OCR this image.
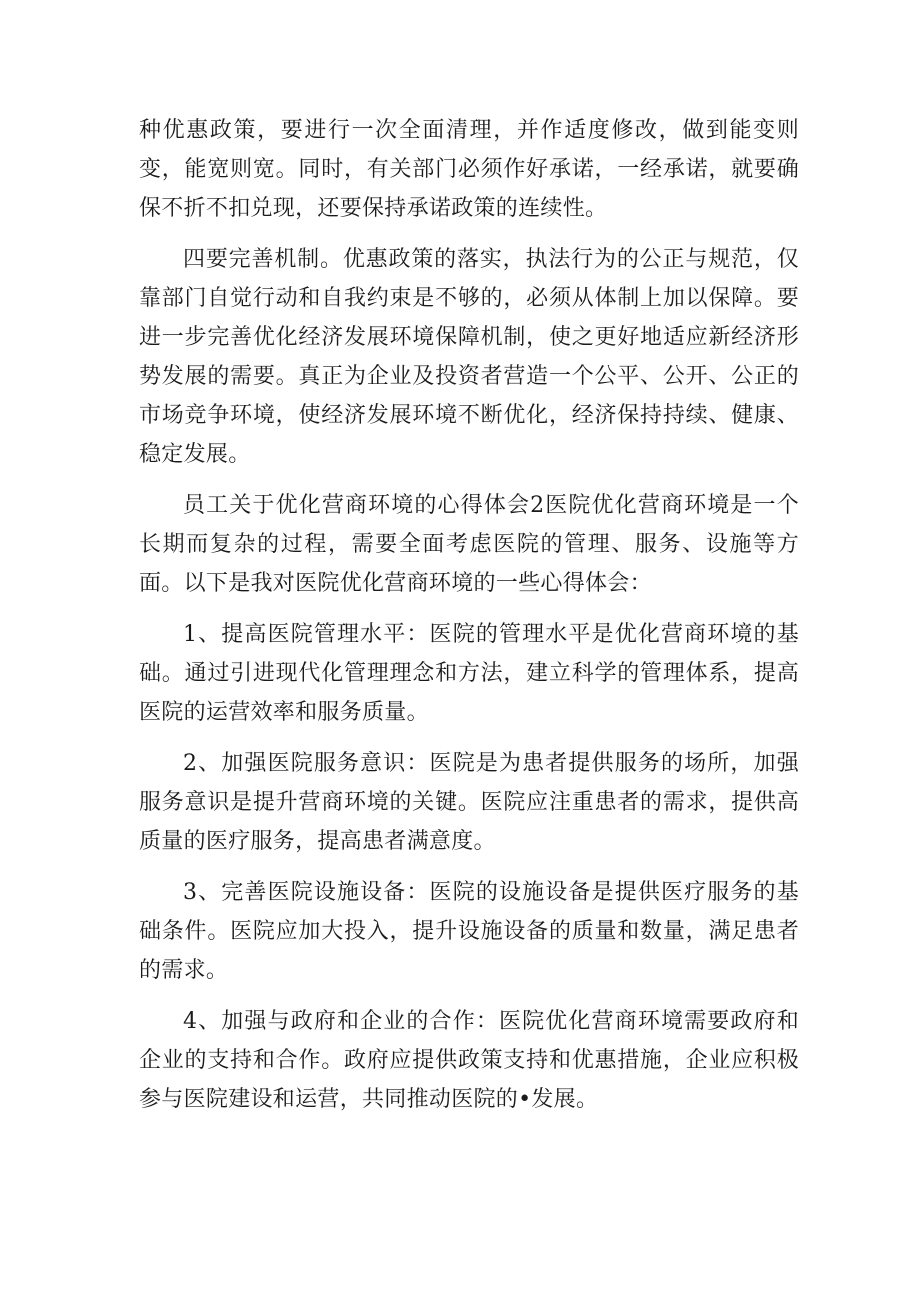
种优惠政策，要进行一次全面清理，并作适度修改，做到能变则变，能宽则宽。同时，有关部门必须作好承诺，一经承诺，就要确保不折不扣兑现，还要保持承诺政策的连续性。

四要完善机制。优惠政策的落实，执法行为的公正与规范，仅靠部门自觉行动和自我约束是不够的，必须从体制上加以保障。要进一步完善优化经济发展环境保障机制，使之更好地适应新经济形势发展的需要。真正为企业及投资者营造一个公平、公开、公正的市场竞争环境，使经济发展环境不断优化，经济保持持续、健康、稳定发展。

员工关于优化营商环境的心得体会2医院优化营商环境是一个长期而复杂的过程，需要全面考虑医院的管理、服务、设施等方面。以下是我对医院优化营商环境的一些心得体会：

1、提高医院管理水平：医院的管理水平是优化营商环境的基础。通过引进现代化管理理念和方法，建立科学的管理体系，提高医院的运营效率和服务质量。

2、加强医院服务意识：医院是为患者提供服务的场所，加强服务意识是提升营商环境的关键。医院应注重患者的需求，提供高质量的医疗服务，提高患者满意度。

3、完善医院设施设备：医院的设施设备是提供医疗服务的基础条件。医院应加大投入，提升设施设备的质量和数量，满足患者的需求。

4、加强与政府和企业的合作：医院优化营商环境需要政府和企业的支持和合作。政府应提供政策支持和优惠措施，企业应积极参与医院建设和运营，共同推动医院的•发展。
